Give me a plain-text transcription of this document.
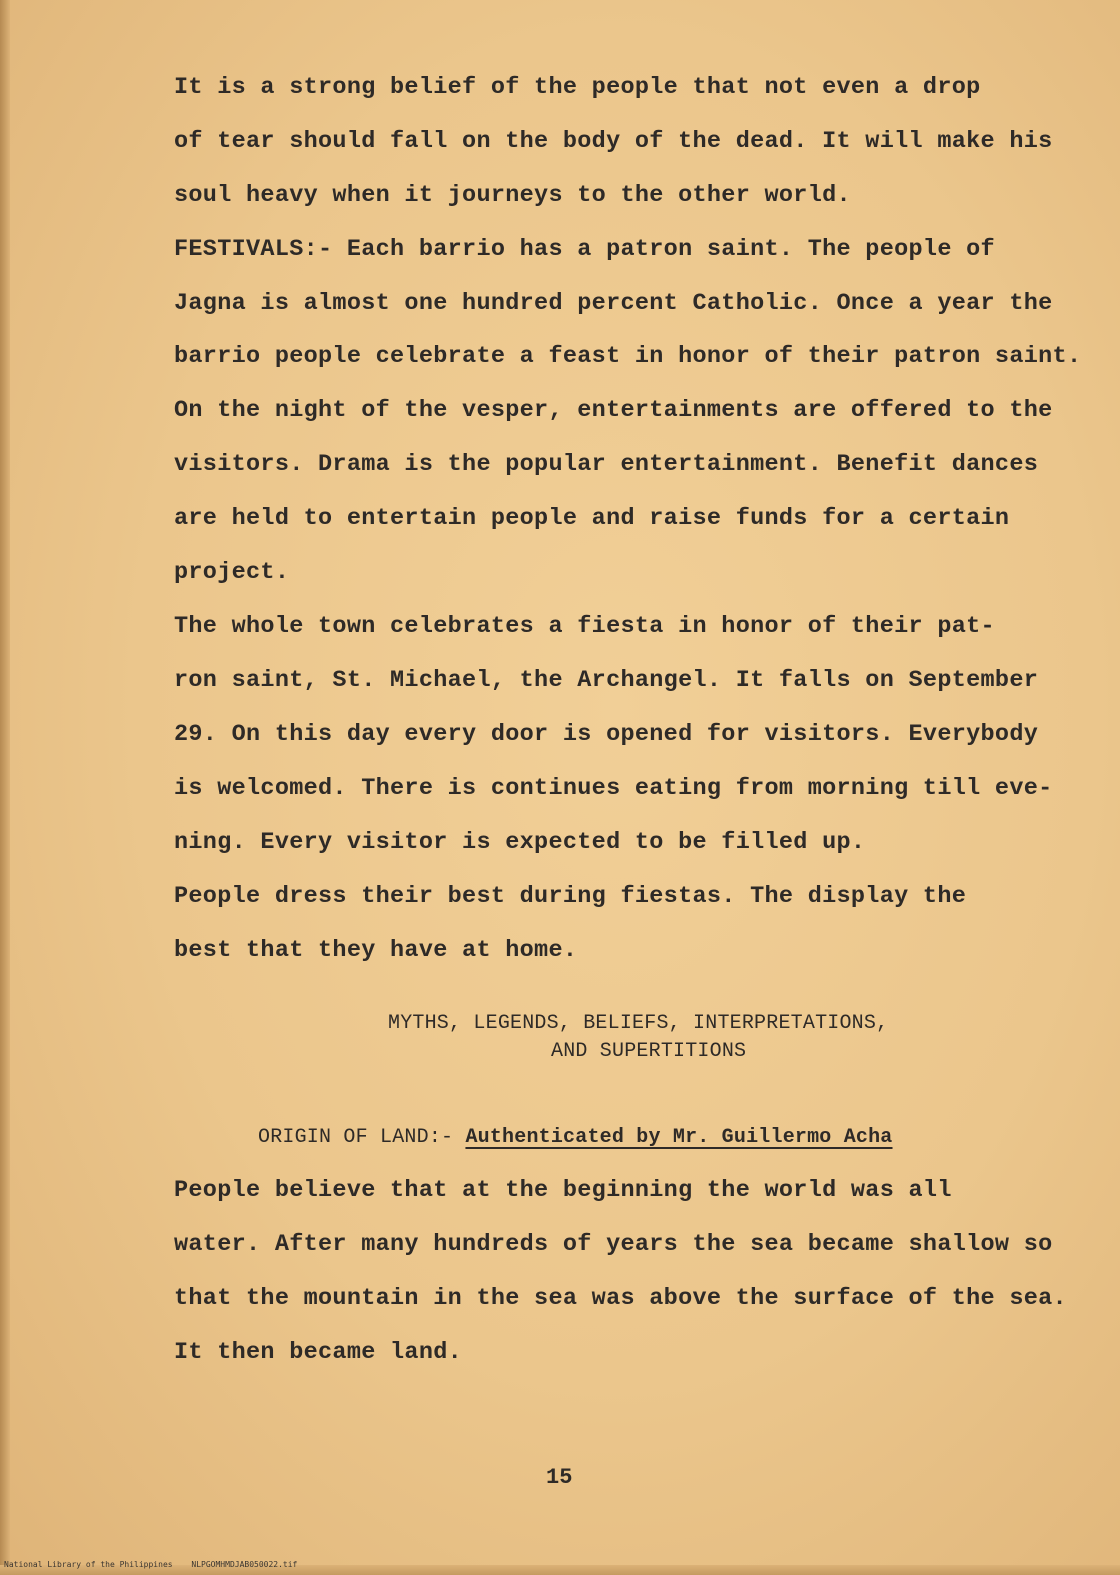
It is a strong belief of the people that not even a drop
of tear should fall on the body of the dead. It will make his
soul heavy when it journeys to the other world.
FESTIVALS:- Each barrio has a patron saint. The people of
Jagna is almost one hundred percent Catholic. Once a year the
barrio people celebrate a feast in honor of their patron saint.
On the night of the vesper, entertainments are offered to the
visitors. Drama is the popular entertainment. Benefit dances
are held to entertain people and raise funds for a certain
project.
The whole town celebrates a fiesta in honor of their pat-
ron saint, St. Michael, the Archangel. It falls on September
29. On this day every door is opened for visitors. Everybody
is welcomed. There is continues eating from morning till eve-
ning. Every visitor is expected to be filled up.
People dress their best during fiestas. The display the
best that they have at home.
MYTHS, LEGENDS, BELIEFS, INTERPRETATIONS,
AND SUPERTITIONS
ORIGIN OF LAND:- Authenticated by Mr. Guillermo Acha
People believe that at the beginning the world was all
water. After many hundreds of years the sea became shallow so
that the mountain in the sea was above the surface of the sea.
It then became land.
15
National Library of the Philippines NLPGOMHMDJAB050022.tif
